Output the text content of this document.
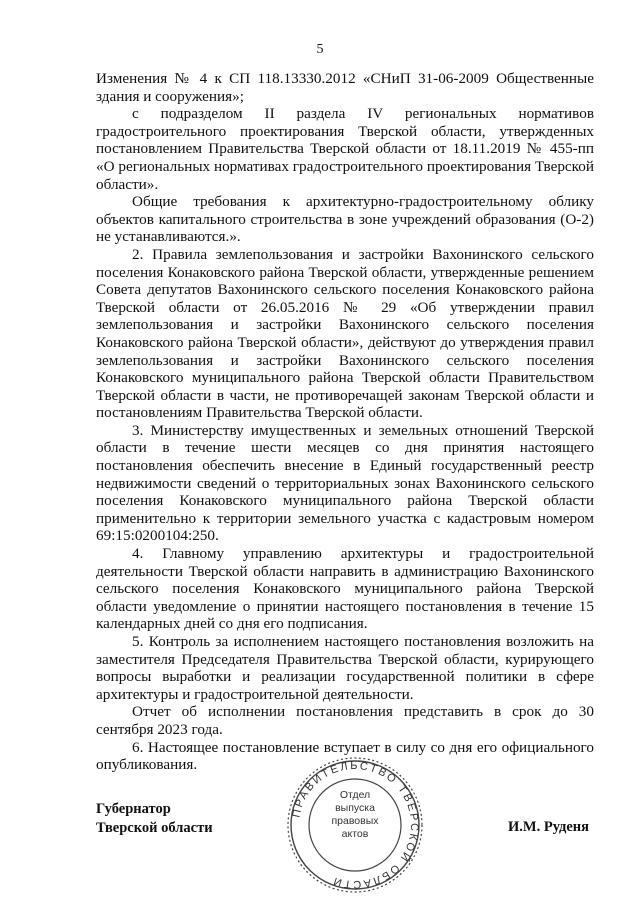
5

Изменения № 4 к СП 118.13330.2012 «СНиП 31-06-2009 Общественные здания и сооружения»;

с подразделом II раздела IV региональных нормативов градостроительного проектирования Тверской области, утвержденных постановлением Правительства Тверской области от 18.11.2019 № 455-пп «О региональных нормативах градостроительного проектирования Тверской области».

Общие требования к архитектурно-градостроительному облику объектов капитального строительства в зоне учреждений образования (О-2) не устанавливаются.».

2. Правила землепользования и застройки Вахонинского сельского поселения Конаковского района Тверской области, утвержденные решением Совета депутатов Вахонинского сельского поселения Конаковского района Тверской области от 26.05.2016 № 29 «Об утверждении правил землепользования и застройки Вахонинского сельского поселения Конаковского района Тверской области», действуют до утверждения правил землепользования и застройки Вахонинского сельского поселения Конаковского муниципального района Тверской области Правительством Тверской области в части, не противоречащей законам Тверской области и постановлениям Правительства Тверской области.

3. Министерству имущественных и земельных отношений Тверской области в течение шести месяцев со дня принятия настоящего постановления обеспечить внесение в Единый государственный реестр недвижимости сведений о территориальных зонах Вахонинского сельского поселения Конаковского муниципального района Тверской области применительно к территории земельного участка с кадастровым номером 69:15:0200104:250.

4. Главному управлению архитектуры и градостроительной деятельности Тверской области направить в администрацию Вахонинского сельского поселения Конаковского муниципального района Тверской области уведомление о принятии настоящего постановления в течение 15 календарных дней со дня его подписания.

5. Контроль за исполнением настоящего постановления возложить на заместителя Председателя Правительства Тверской области, курирующего вопросы выработки и реализации государственной политики в сфере архитектуры и градостроительной деятельности.

Отчет об исполнении постановления представить в срок до 30 сентября 2023 года.

6. Настоящее постановление вступает в силу со дня его официального опубликования.

Губернатор
Тверской области
ПРАВИТЕЛЬСТВО ТВЕРСКОЙ ОБЛАСТИ
Отдел
выпуска
правовых
актов	И.М. Руденя
